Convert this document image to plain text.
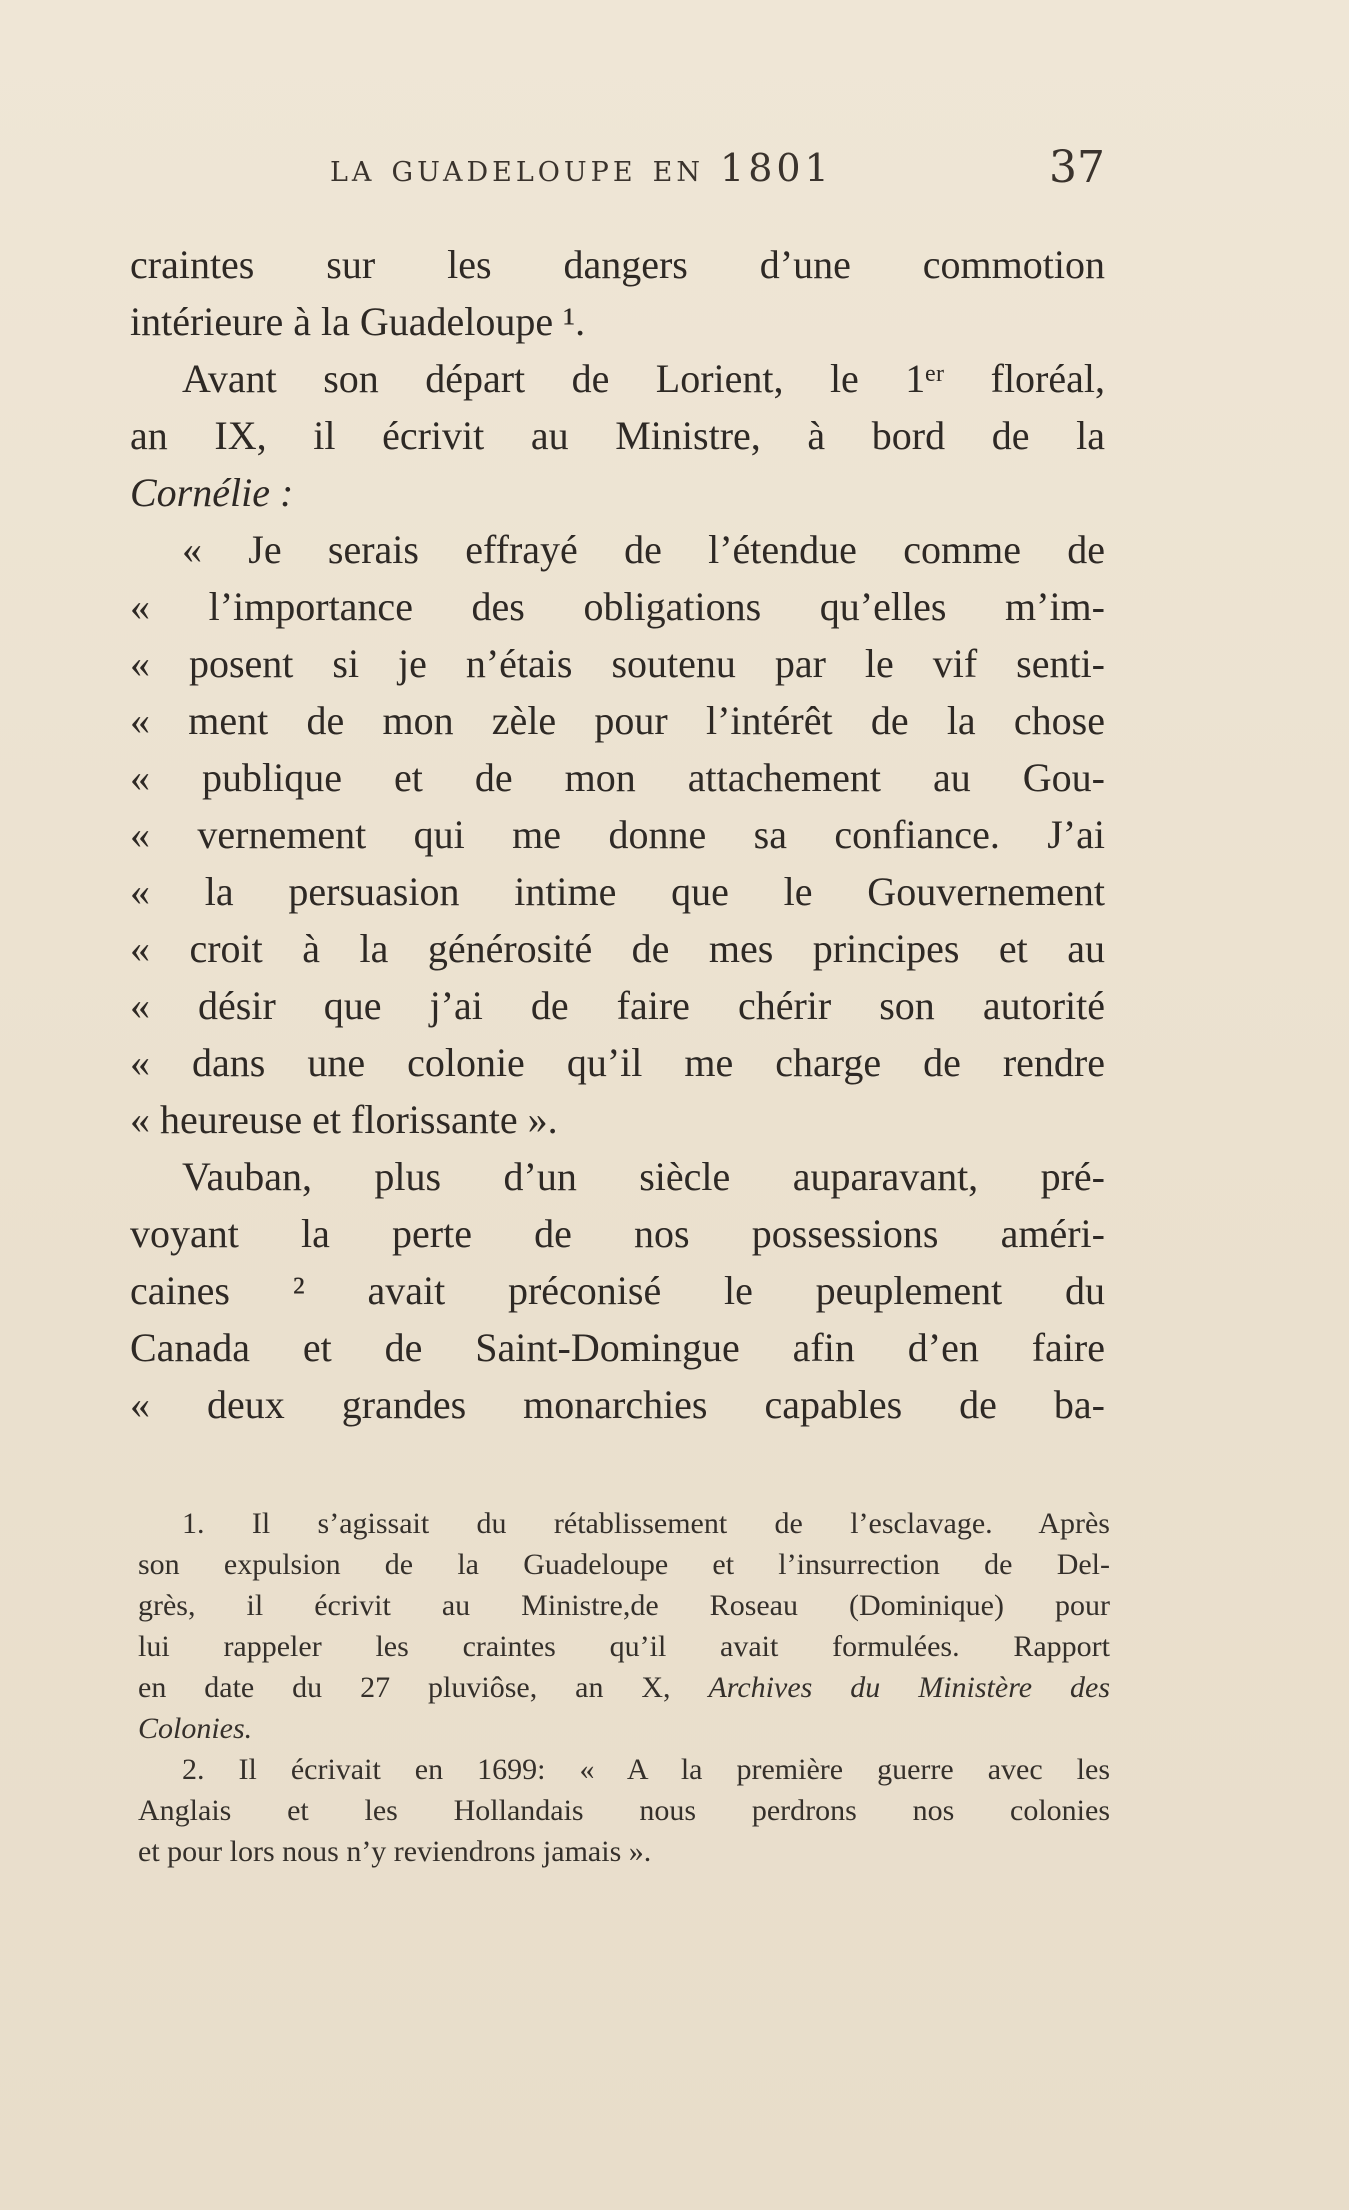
la guadeloupe en 1801	37
craintes sur les dangers d’une commotion
intérieure à la Guadeloupe ¹.
Avant son départ de Lorient, le 1ᵉʳ floréal,
an IX, il écrivit au Ministre, à bord de la
Cornélie :
« Je serais effrayé de l’étendue comme de
« l’importance des obligations qu’elles m’im-
« posent si je n’étais soutenu par le vif senti-
« ment de mon zèle pour l’intérêt de la chose
« publique et de mon attachement au Gou-
« vernement qui me donne sa confiance. J’ai
« la persuasion intime que le Gouvernement
« croit à la générosité de mes principes et au
« désir que j’ai de faire chérir son autorité
« dans une colonie qu’il me charge de rendre
« heureuse et florissante ».
Vauban, plus d’un siècle auparavant, pré-
voyant la perte de nos possessions améri-
caines ² avait préconisé le peuplement du
Canada et de Saint-Domingue afin d’en faire
« deux grandes monarchies capables de ba-
1. Il s’agissait du rétablissement de l’esclavage. Après
son expulsion de la Guadeloupe et l’insurrection de Del-
grès, il écrivit au Ministre,de Roseau (Dominique) pour
lui rappeler les craintes qu’il avait formulées. Rapport
en date du 27 pluviôse, an X, Archives du Ministère des
Colonies.
2. Il écrivait en 1699: « A la première guerre avec les
Anglais et les Hollandais nous perdrons nos colonies
et pour lors nous n’y reviendrons jamais ».
